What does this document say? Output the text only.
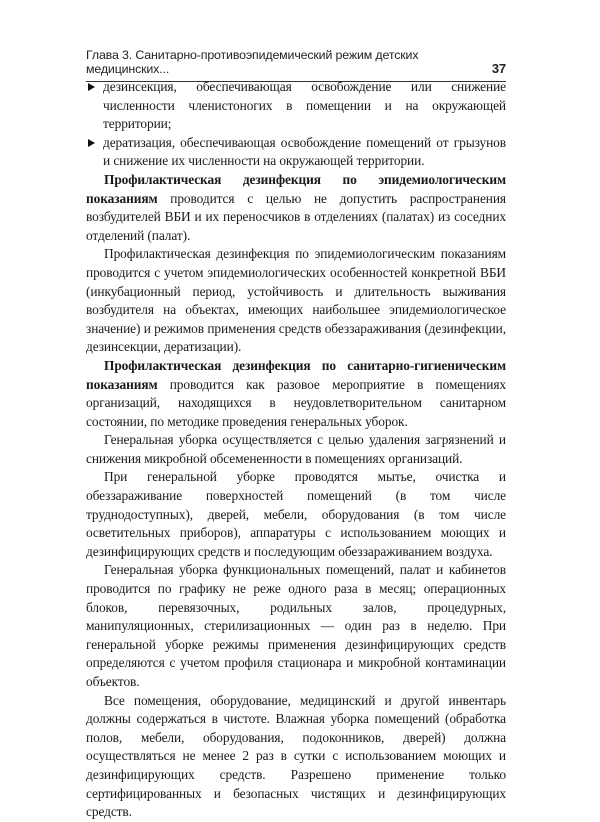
Глава 3. Санитарно-противоэпидемический режим детских медицинских...	37
дезинсекция, обеспечивающая освобождение или снижение численности членистоногих в помещении и на окружающей территории;
дератизация, обеспечивающая освобождение помещений от грызунов и снижение их численности на окружающей территории.

Профилактическая дезинфекция по эпидемиологическим показаниям проводится с целью не допустить распространения возбудителей ВБИ и их переносчиков в отделениях (палатах) из соседних отделений (палат).

Профилактическая дезинфекция по эпидемиологическим показаниям проводится с учетом эпидемиологических особенностей конкретной ВБИ (инкубационный период, устойчивость и длительность выживания возбудителя на объектах, имеющих наибольшее эпидемиологическое значение) и режимов применения средств обеззараживания (дезинфекции, дезинсекции, дератизации).

Профилактическая дезинфекция по санитарно-гигиеническим показаниям проводится как разовое мероприятие в помещениях организаций, находящихся в неудовлетворительном санитарном состоянии, по методике проведения генеральных уборок.

Генеральная уборка осуществляется с целью удаления загрязнений и снижения микробной обсемененности в помещениях организаций.

При генеральной уборке проводятся мытье, очистка и обеззараживание поверхностей помещений (в том числе труднодоступных), дверей, мебели, оборудования (в том числе осветительных приборов), аппаратуры с использованием моющих и дезинфицирующих средств и последующим обеззараживанием воздуха.

Генеральная уборка функциональных помещений, палат и кабинетов проводится по графику не реже одного раза в месяц; операционных блоков, перевязочных, родильных залов, процедурных, манипуляционных, стерилизационных — один раз в неделю. При генеральной уборке режимы применения дезинфицирующих средств определяются с учетом профиля стационара и микробной контаминации объектов.

Все помещения, оборудование, медицинский и другой инвентарь должны содержаться в чистоте. Влажная уборка помещений (обработка полов, мебели, оборудования, подоконников, дверей) должна осуществляться не менее 2 раз в сутки с использованием моющих и дезинфицирующих средств. Разрешено применение только сертифицированных и безопасных чистящих и дезинфицирующих средств.
